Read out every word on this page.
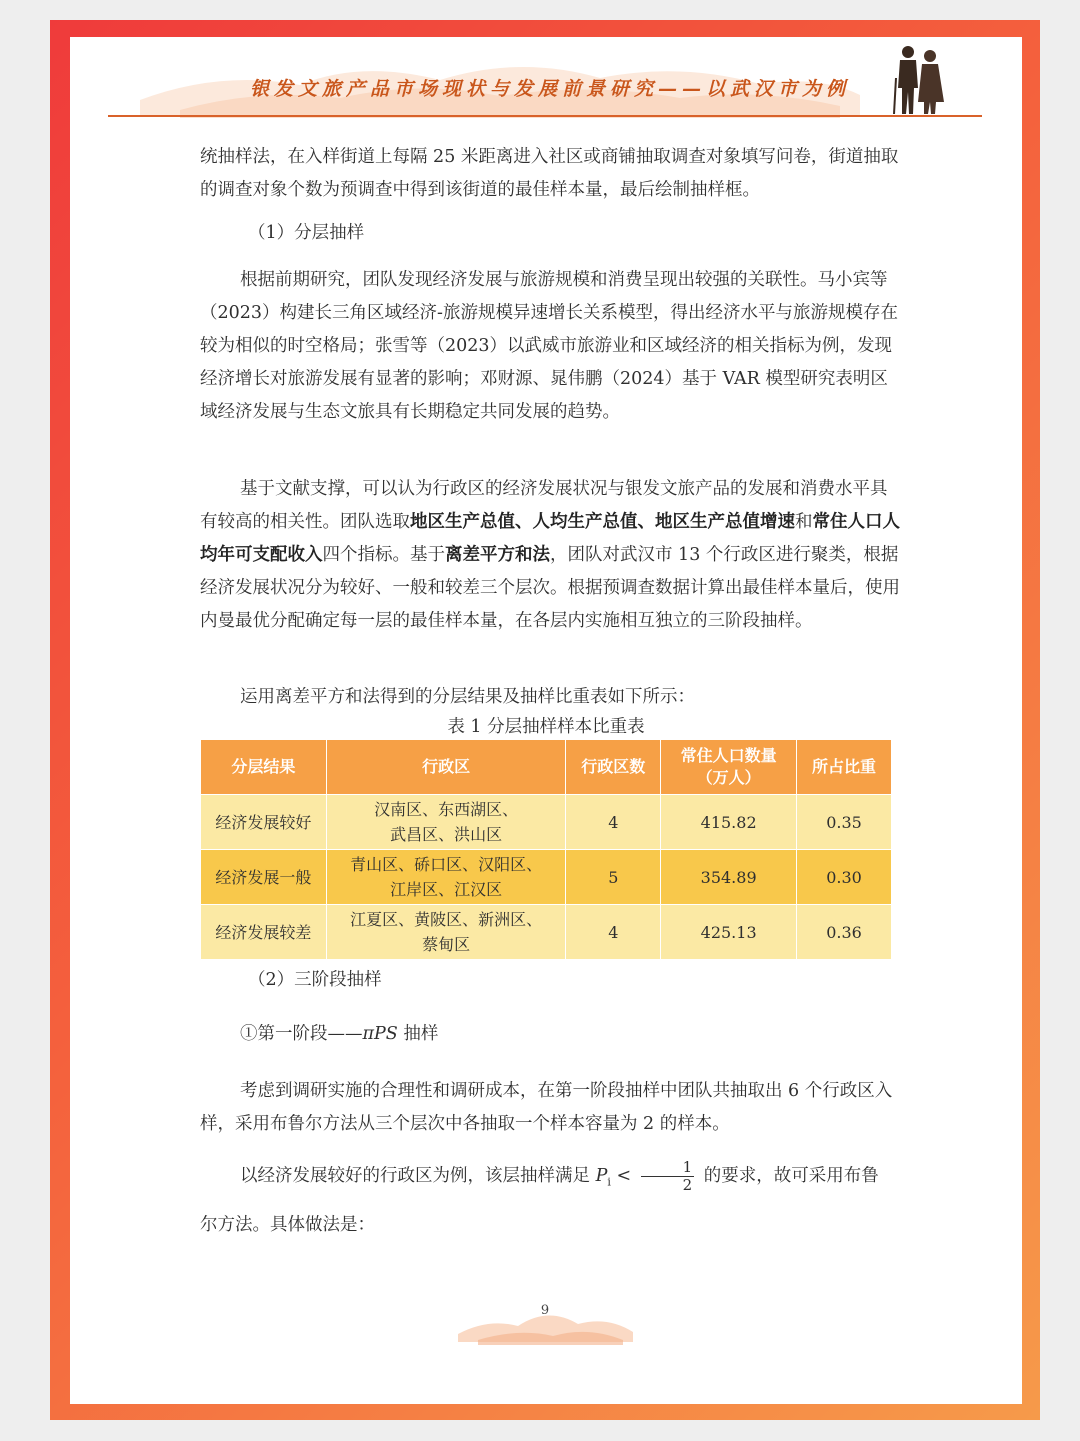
银发文旅产品市场现状与发展前景研究——以武汉市为例

统抽样法，在入样街道上每隔 25 米距离进入社区或商铺抽取调查对象填写问卷，街道抽取的调查对象个数为预调查中得到该街道的最佳样本量，最后绘制抽样框。

（1）分层抽样

根据前期研究，团队发现经济发展与旅游规模和消费呈现出较强的关联性。马小宾等（2023）构建长三角区域经济-旅游规模异速增长关系模型，得出经济水平与旅游规模存在较为相似的时空格局；张雪等（2023）以武威市旅游业和区域经济的相关指标为例，发现经济增长对旅游发展有显著的影响；邓财源、晁伟鹏（2024）基于 VAR 模型研究表明区域经济发展与生态文旅具有长期稳定共同发展的趋势。

基于文献支撑，可以认为行政区的经济发展状况与银发文旅产品的发展和消费水平具有较高的相关性。团队选取地区生产总值、人均生产总值、地区生产总值增速和常住人口人均年可支配收入四个指标。基于离差平方和法，团队对武汉市 13 个行政区进行聚类，根据经济发展状况分为较好、一般和较差三个层次。根据预调查数据计算出最佳样本量后，使用内曼最优分配确定每一层的最佳样本量，在各层内实施相互独立的三阶段抽样。

运用离差平方和法得到的分层结果及抽样比重表如下所示：

表 1 分层抽样样本比重表
分层结果	行政区	行政区数	常住人口数量
（万人）	所占比重
经济发展较好	汉南区、东西湖区、
武昌区、洪山区	4	415.82	0.35
经济发展一般	青山区、硚口区、汉阳区、
江岸区、江汉区	5	354.89	0.30
经济发展较差	江夏区、黄陂区、新洲区、
蔡甸区	4	425.13	0.36
（2）三阶段抽样
①第一阶段——πPS 抽样

考虑到调研实施的合理性和调研成本，在第一阶段抽样中团队共抽取出 6 个行政区入样，采用布鲁尔方法从三个层次中各抽取一个样本容量为 2 的样本。

以经济发展较好的行政区为例，该层抽样满足 $P_i < \frac{1}{2}$ 的要求，故可采用布鲁

尔方法。具体做法是：

9
